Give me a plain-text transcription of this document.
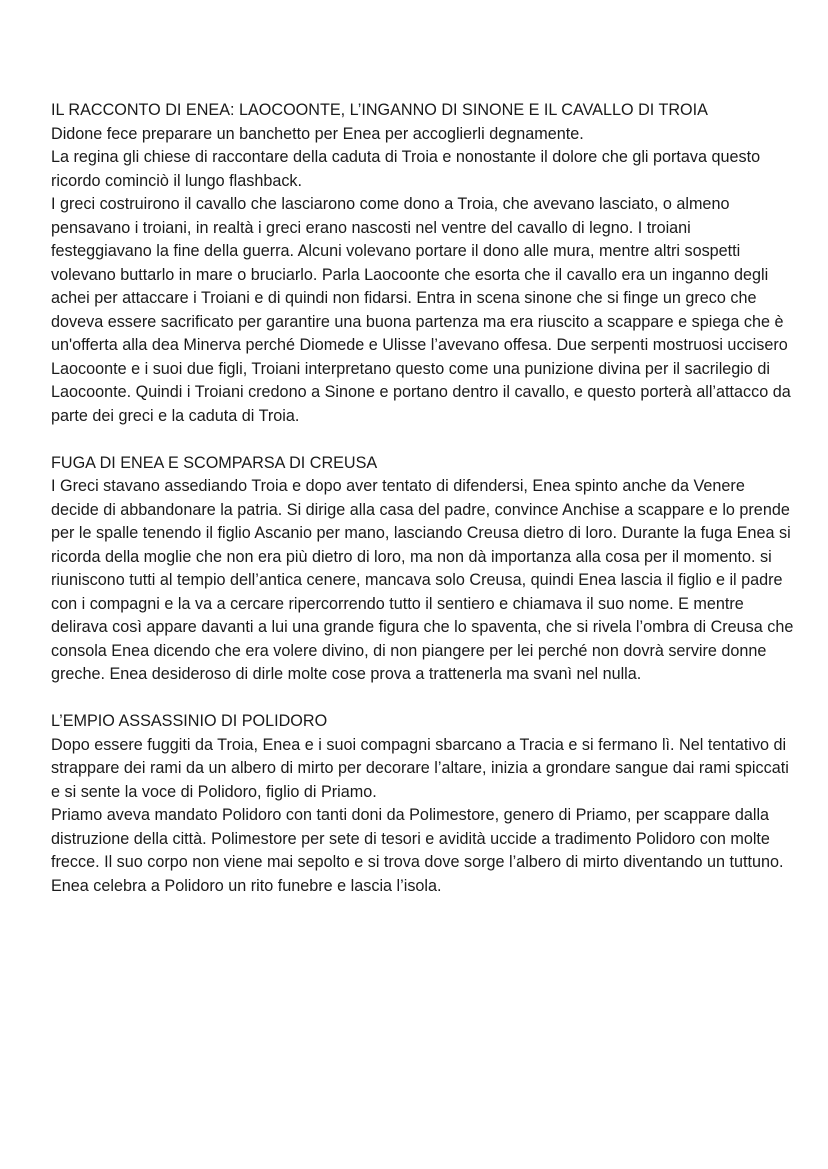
IL RACCONTO DI ENEA: LAOCOONTE, L’INGANNO DI SINONE E IL CAVALLO DI TROIA

Didone fece preparare un banchetto per Enea per accoglierli degnamente.

La regina gli chiese di raccontare della caduta di Troia e nonostante il dolore che gli portava questo ricordo cominciò il lungo flashback.

I greci costruirono il cavallo che lasciarono come dono a Troia, che avevano lasciato, o almeno pensavano i troiani, in realtà i greci erano nascosti nel ventre del cavallo di legno. I troiani festeggiavano la fine della guerra. Alcuni volevano portare il dono alle mura, mentre altri sospetti volevano buttarlo in mare o bruciarlo. Parla Laocoonte che esorta che il cavallo era un inganno degli achei per attaccare i Troiani e di quindi non fidarsi. Entra in scena sinone che si finge un greco che doveva essere sacrificato per garantire una buona partenza ma era riuscito a scappare e spiega che è un'offerta alla dea Minerva perché Diomede e Ulisse l’avevano offesa. Due serpenti mostruosi uccisero Laocoonte e i suoi due figli, Troiani interpretano questo come una punizione divina per il sacrilegio di Laocoonte. Quindi i Troiani credono a Sinone e portano dentro il cavallo, e questo porterà all’attacco da parte dei greci e la caduta di Troia.

FUGA DI ENEA E SCOMPARSA DI CREUSA

I Greci stavano assediando Troia e dopo aver tentato di difendersi, Enea spinto anche da Venere decide di abbandonare la patria. Si dirige alla casa del padre, convince Anchise a scappare e lo prende per le spalle tenendo il figlio Ascanio per mano, lasciando Creusa dietro di loro. Durante la fuga Enea si ricorda della moglie che non era più dietro di loro, ma non dà importanza alla cosa per il momento. si riuniscono tutti al tempio dell’antica cenere, mancava solo Creusa, quindi Enea lascia il figlio e il padre con i compagni e la va a cercare ripercorrendo tutto il sentiero e chiamava il suo nome. E mentre delirava così appare davanti a lui una grande figura che lo spaventa, che si rivela l’ombra di Creusa che consola Enea dicendo che era volere divino, di non piangere per lei perché non dovrà servire donne greche. Enea desideroso di dirle molte cose prova a trattenerla ma svanì nel nulla.

L’EMPIO ASSASSINIO DI POLIDORO

Dopo essere fuggiti da Troia, Enea e i suoi compagni sbarcano a Tracia e si fermano lì. Nel tentativo di strappare dei rami da un albero di mirto per decorare l’altare, inizia a grondare sangue dai rami spiccati e si sente la voce di Polidoro, figlio di Priamo.

Priamo aveva mandato Polidoro con tanti doni da Polimestore, genero di Priamo, per scappare dalla distruzione della città. Polimestore per sete di tesori e avidità uccide a tradimento Polidoro con molte frecce. Il suo corpo non viene mai sepolto e si trova dove sorge l’albero di mirto diventando un tuttuno. Enea celebra a Polidoro un rito funebre e lascia l’isola.
